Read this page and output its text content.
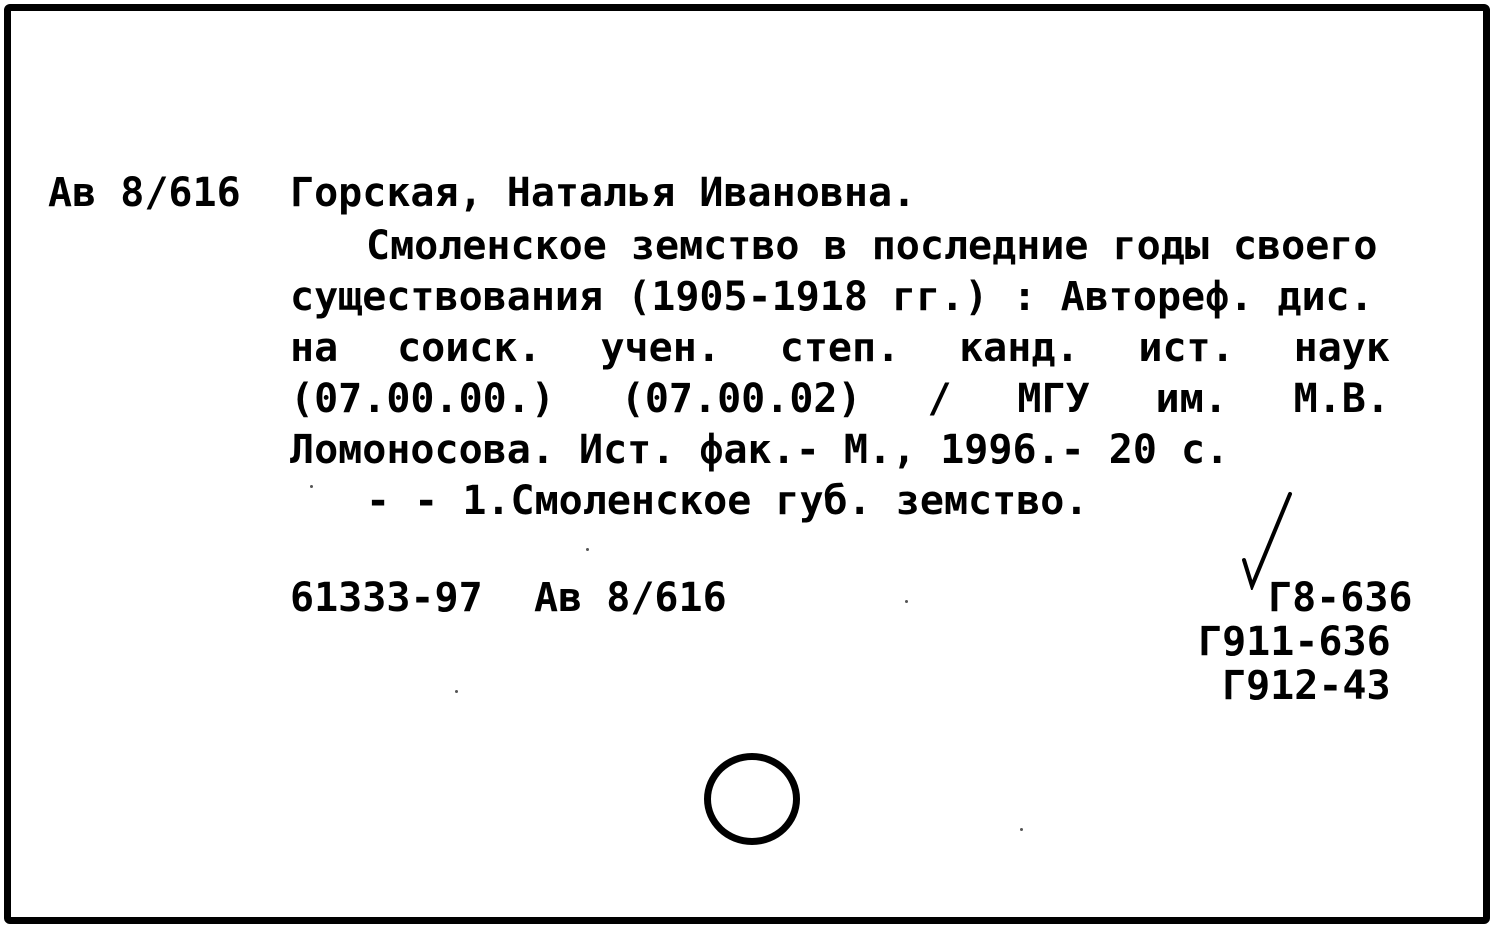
Ав 8/616 Горская, Наталья Ивановна.
Смоленское земство в последние годы своего
существования (1905-1918 гг.) : Автореф. дис.
на соиск. учен. степ. канд. ист. наук
(07.00.00.) (07.00.02) / МГУ им. М.В.
Ломоносова. Ист. фак.- М., 1996.- 20 с.
- - 1.Смоленское губ. земство.
61333-97 Ав 8/616	Г8-636
Г911-636
Г912-43
